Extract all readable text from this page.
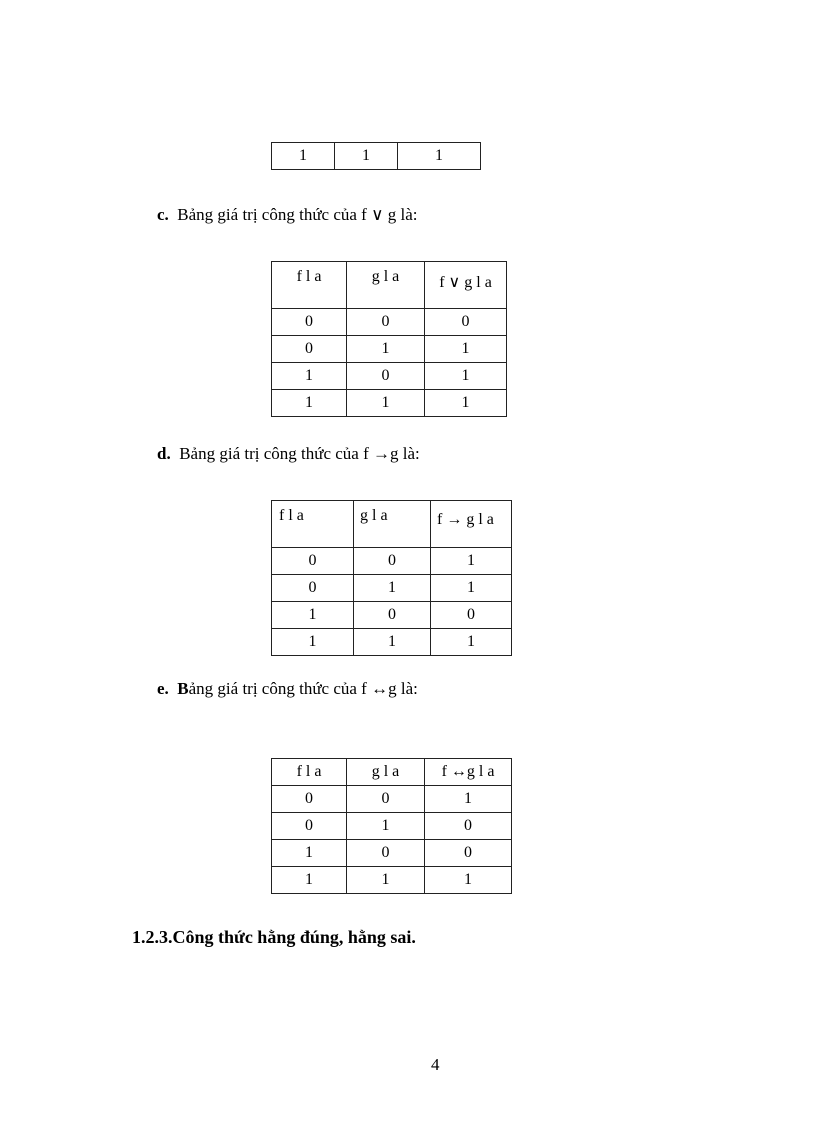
1	1	1
c. Bảng giá trị công thức của f ∨ g là:
f l a	g l a	f ∨ g l a
0	0	0
0	1	1
1	0	1
1	1	1
d. Bảng giá trị công thức của f →g là:
f l a	g l a	f → g l a
0	0	1
0	1	1
1	0	0
1	1	1
e. Bảng giá trị công thức của f ↔g là:
f l a	g l a	f ↔g l a
0	0	1
0	1	0
1	0	0
1	1	1
1.2.3.Công thức hằng đúng, hằng sai.
4
